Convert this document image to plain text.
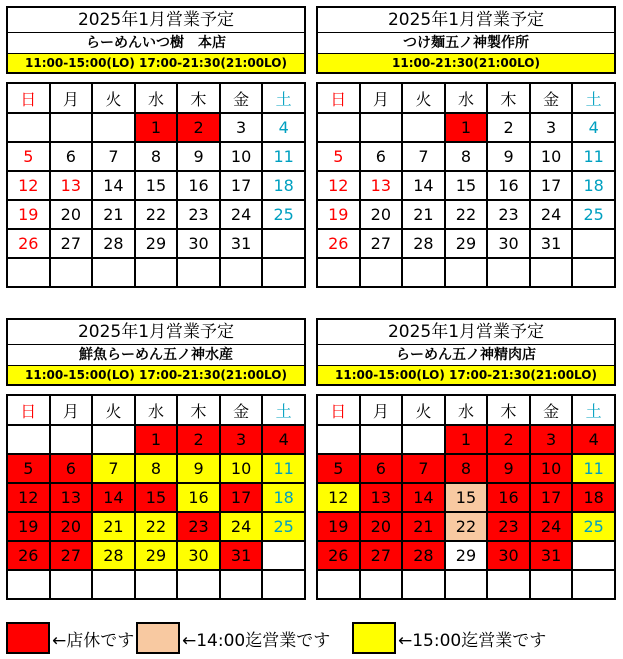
2025年1月営業予定
らーめんいつ樹　本店
11:00-15:00(LO) 17:00-21:30(21:00LO)
日	月	火	水	木	金	土
			1	2	3	4
5	6	7	8	9	10	11
12	13	14	15	16	17	18
19	20	21	22	23	24	25
26	27	28	29	30	31	

2025年1月営業予定
つけ麺五ノ神製作所
11:00-21:30(21:00LO)
日	月	火	水	木	金	土
			1	2	3	4
5	6	7	8	9	10	11
12	13	14	15	16	17	18
19	20	21	22	23	24	25
26	27	28	29	30	31	

2025年1月営業予定
鮮魚らーめん五ノ神水産
11:00-15:00(LO) 17:00-21:30(21:00LO)
日	月	火	水	木	金	土
			1	2	3	4
5	6	7	8	9	10	11
12	13	14	15	16	17	18
19	20	21	22	23	24	25
26	27	28	29	30	31	

2025年1月営業予定
らーめん五ノ神精肉店
11:00-15:00(LO) 17:00-21:30(21:00LO)
日	月	火	水	木	金	土
			1	2	3	4
5	6	7	8	9	10	11
12	13	14	15	16	17	18
19	20	21	22	23	24	25
26	27	28	29	30	31	

←店休です	←14:00迄営業です	←15:00迄営業です
